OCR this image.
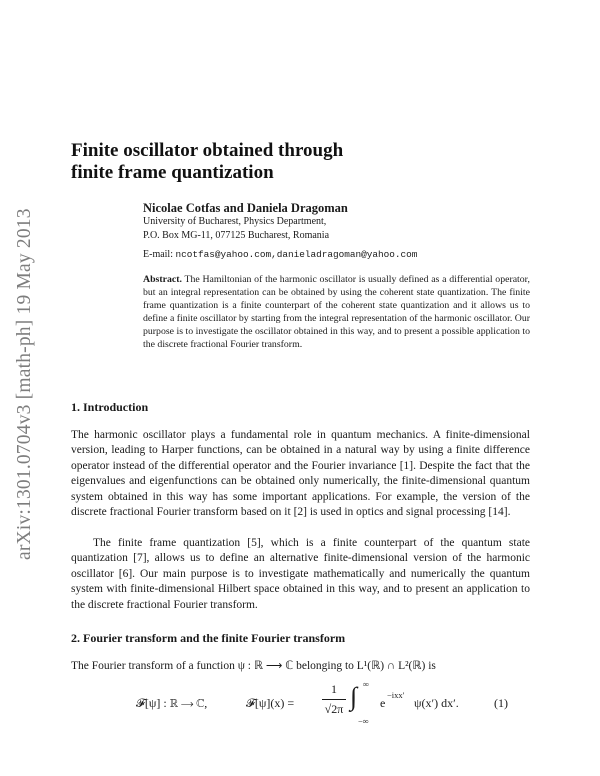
arXiv:1301.0704v3 [math-ph] 19 May 2013
Finite oscillator obtained through
finite frame quantization
Nicolae Cotfas and Daniela Dragoman
University of Bucharest, Physics Department,
P.O. Box MG-11, 077125 Bucharest, Romania
E-mail: ncotfas@yahoo.com,danieladragoman@yahoo.com
Abstract. The Hamiltonian of the harmonic oscillator is usually defined as a differential operator, but an integral representation can be obtained by using the coherent state quantization. The finite frame quantization is a finite counterpart of the coherent state quantization and it allows us to define a finite oscillator by starting from the integral representation of the harmonic oscillator. Our purpose is to investigate the oscillator obtained in this way, and to present a possible application to the discrete fractional Fourier transform.
1. Introduction
The harmonic oscillator plays a fundamental role in quantum mechanics. A finite-dimensional version, leading to Harper functions, can be obtained in a natural way by using a finite difference operator instead of the differential operator and the Fourier invariance [1]. Despite the fact that the eigenvalues and eigenfunctions can be obtained only numerically, the finite-dimensional quantum system obtained in this way has some important applications. For example, the version of the discrete fractional Fourier transform based on it [2] is used in optics and signal processing [14].
The finite frame quantization [5], which is a finite counterpart of the quantum state quantization [7], allows us to define an alternative finite-dimensional version of the harmonic oscillator [6]. Our main purpose is to investigate mathematically and numerically the quantum system with finite-dimensional Hilbert space obtained in this way, and to present an application to the discrete fractional Fourier transform.
2. Fourier transform and the finite Fourier transform
The Fourier transform of a function ψ : ℝ ⟶ ℂ belonging to L¹(ℝ) ∩ L²(ℝ) is
𝓕[ψ] : ℝ ⟶ ℂ,	𝓕[ψ](x) =
1
√2π ∫ ∞
−∞
e
−ixx′
ψ(x′) dx′.	(1)
